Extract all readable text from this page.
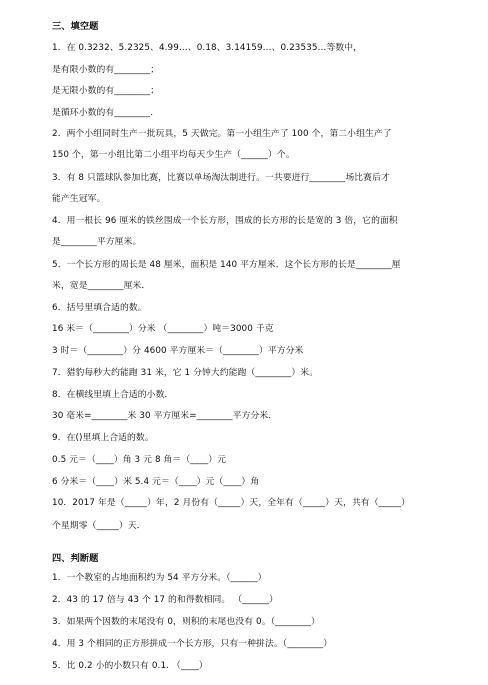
三、填空题
1．在 0.3232、5.2325、4.99…、0.18、3.14159…、0.23535…等数中，
是有限小数的有________；
是无限小数的有________；
是循环小数的有________．
2．两个小组同时生产一批玩具，5 天做完。第一小组生产了 100 个，第二小组生产了
150 个，第一小组比第二小组平均每天少生产（______）个。
3．有 8 只篮球队参加比赛，比赛以单场淘汰制进行。一共要进行________场比赛后才
能产生冠军。
4．用一根长 96 厘米的铁丝围成一个长方形，围成的长方形的长是宽的 3 倍，它的面积
是________平方厘米。
5．一个长方形的周长是 48 厘米，面积是 140 平方厘米．这个长方形的长是________厘
米，宽是________厘米．
6．括号里填合适的数。
16 米＝（________）分米 （________）吨＝3000 千克
3 时＝（________）分 4600 平方厘米＝（________）平方分米
7．猎豹每秒大约能跑 31 米，它 1 分钟大约能跑（________）米。
8．在横线里填上合适的小数．
30 毫米=________米 30 平方厘米=________平方分米．
9．在()里填上合适的数。
0.5 元＝（____）角 3 元 8 角＝（____）元
6 分米＝（____）米 5.4 元＝（____）元（____）角
10．2017 年是（_____）年，2 月份有（_____）天，全年有（_____）天，共有（_____）
个星期零（_____）天．
四、判断题
1．一个教室的占地面积约为 54 平方分米。（______）
2．43 的 17 倍与 43 个 17 的和得数相同。 （______）
3．如果两个因数的末尾没有 0，则积的末尾也没有 0。（________）
4．用 3 个相同的正方形拼成一个长方形，只有一种拼法。（________）
5．比 0.2 小的小数只有 0.1. （____）
